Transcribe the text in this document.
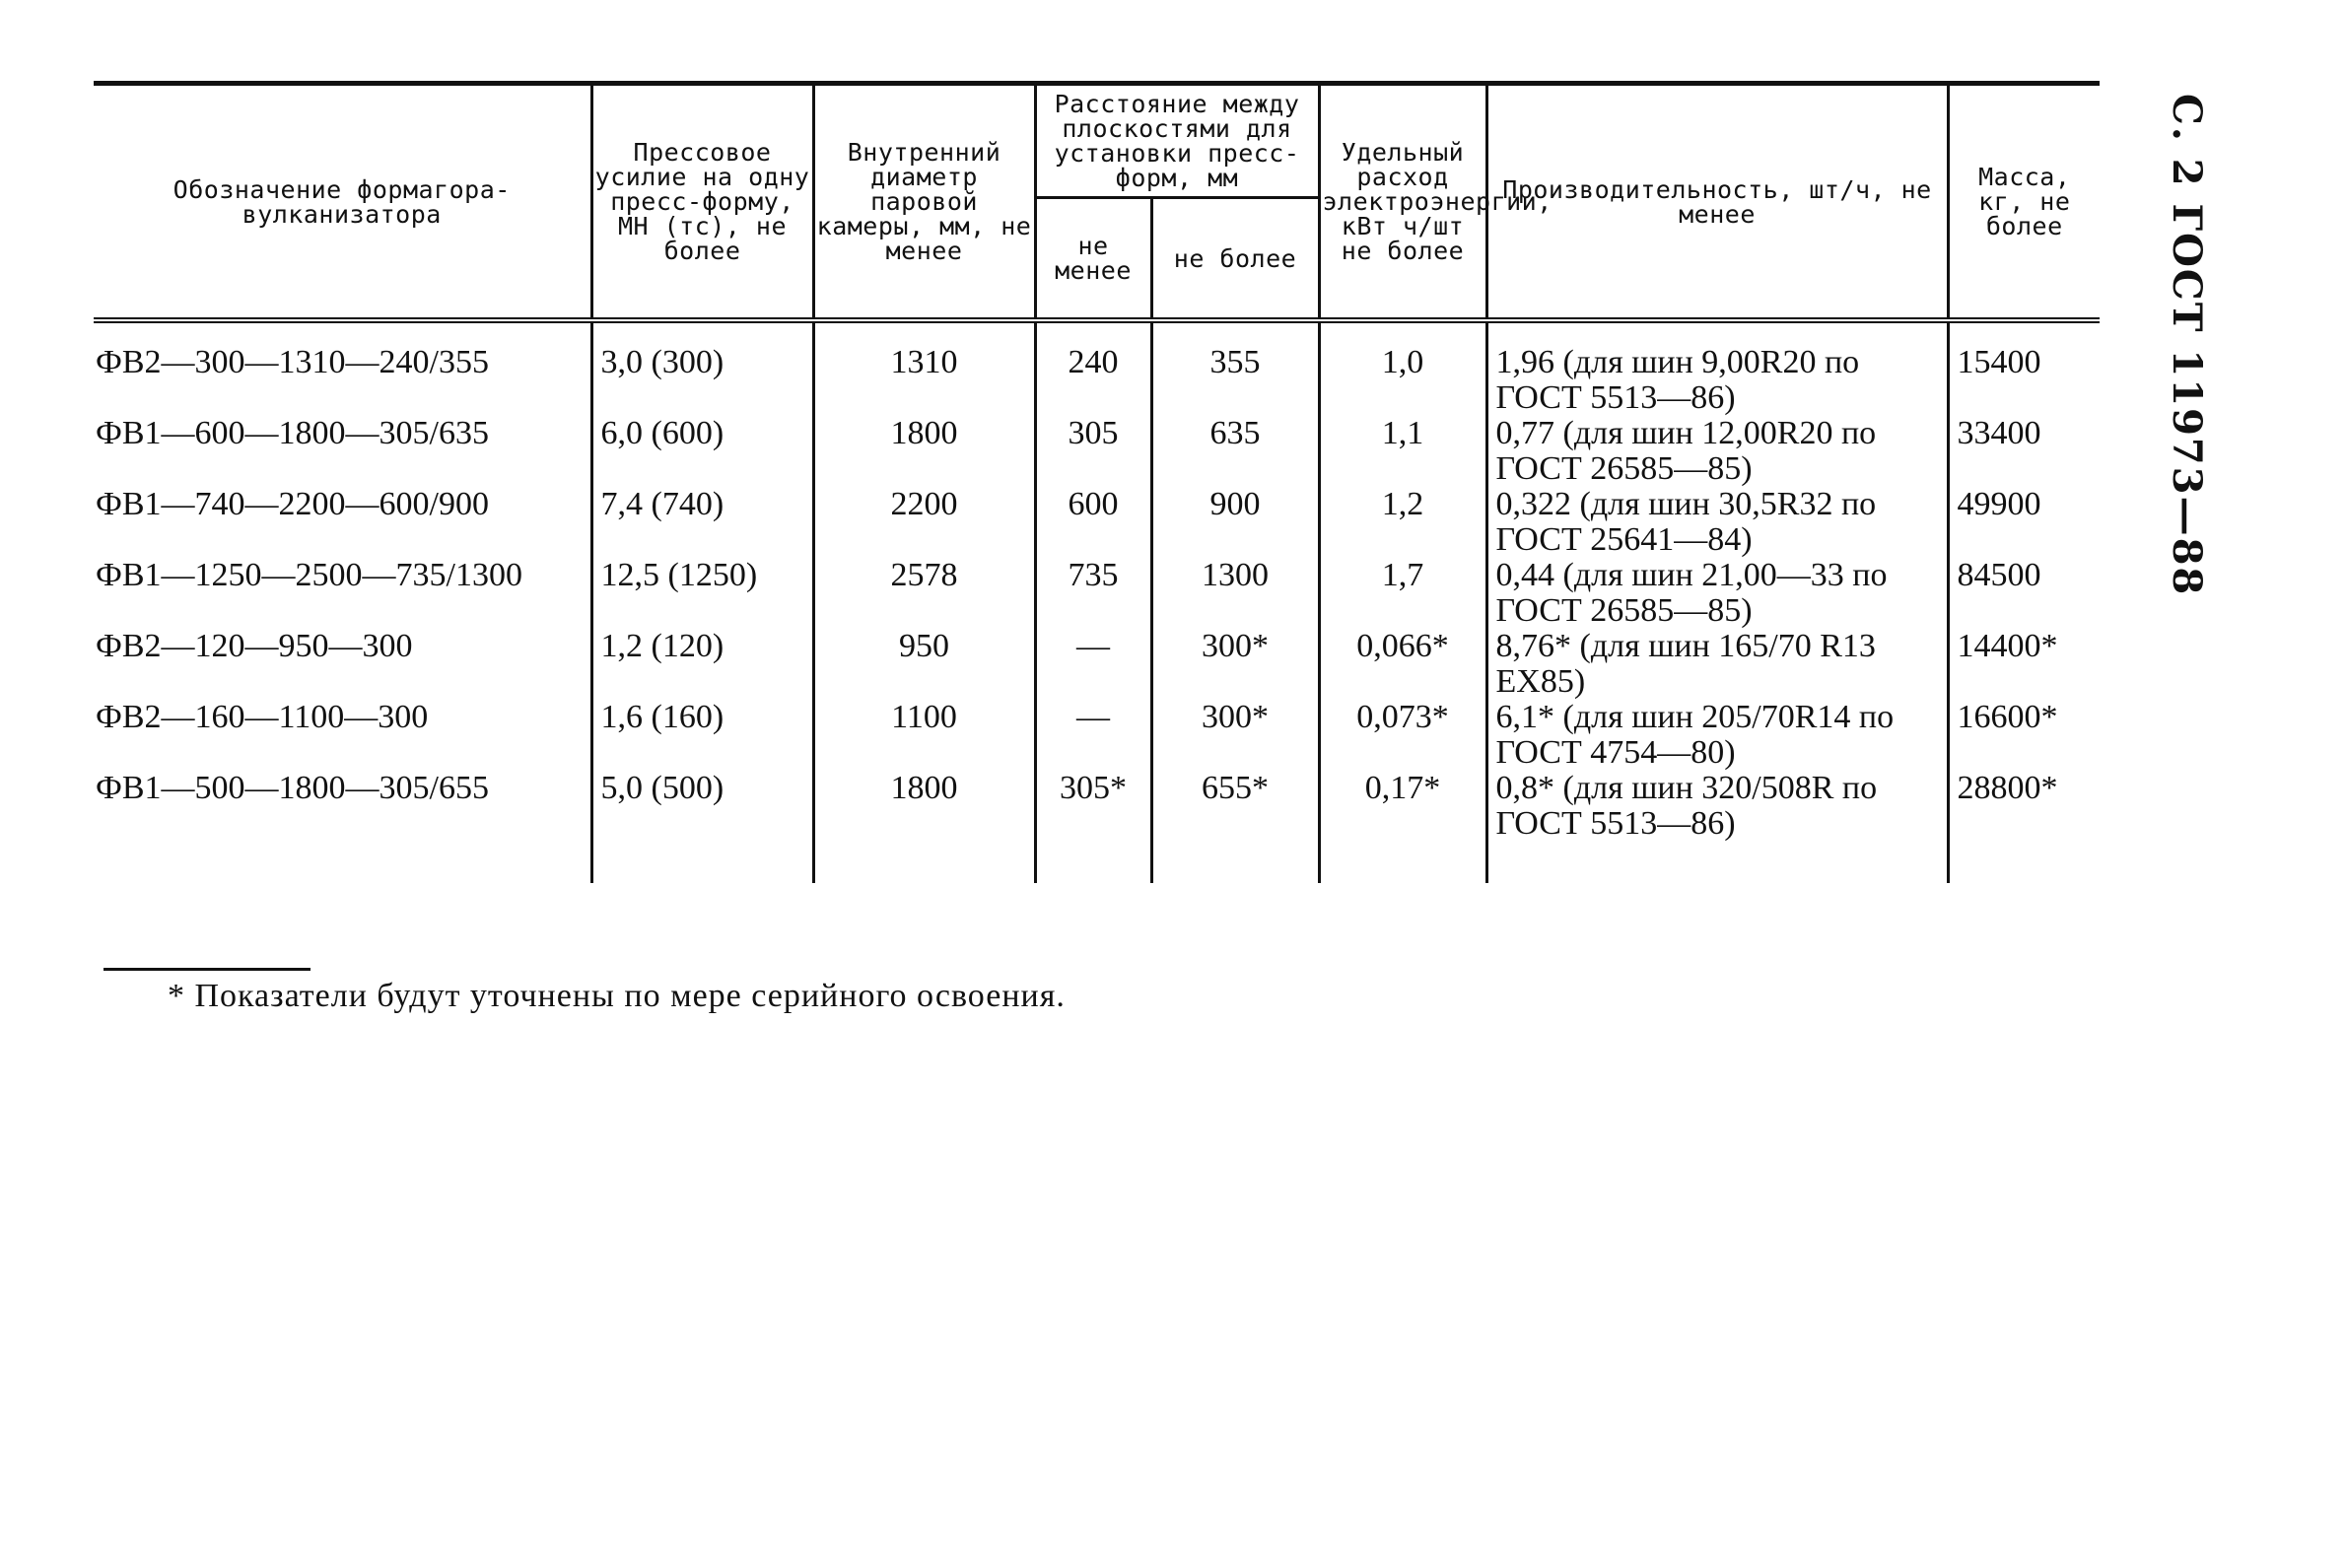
С. 2 ГОСТ 11973—88
Обозначение формагора-вулканизатора	Прессовое усилие на одну пресс-форму, МН (тс), не более	Внутренний диаметр паровой камеры, мм, не менее	Расстояние между плоскостями для установки пресс-форм, мм		Удельный расход электроэнергии, кВт ч/шт не более	Производительность, шт/ч, не менее	Масса, кг, не более
			не менее	не более			
ФВ2—300—1310—240/355	3,0 (300)	1310	240	355	1,0	1,96 (для шин 9,00R20 по ГОСТ 5513—86)	15400
ФВ1—600—1800—305/635	6,0 (600)	1800	305	635	1,1	0,77 (для шин 12,00R20 по ГОСТ 26585—85)	33400
ФВ1—740—2200—600/900	7,4 (740)	2200	600	900	1,2	0,322 (для шин 30,5R32 по ГОСТ 25641—84)	49900
ФВ1—1250—2500—735/1300	12,5 (1250)	2578	735	1300	1,7	0,44 (для шин 21,00—33 по ГОСТ 26585—85)	84500
ФВ2—120—950—300	1,2 (120)	950	—	300*	0,066*	8,76* (для шин 165/70 R13 ЕХ85)	14400*
ФВ2—160—1100—300	1,6 (160)	1100	—	300*	0,073*	6,1* (для шин 205/70R14 по ГОСТ 4754—80)	16600*
ФВ1—500—1800—305/655	5,0 (500)	1800	305*	655*	0,17*	0,8* (для шин 320/508R по ГОСТ 5513—86)	28800*

* Показатели будут уточнены по мере серийного освоения.
